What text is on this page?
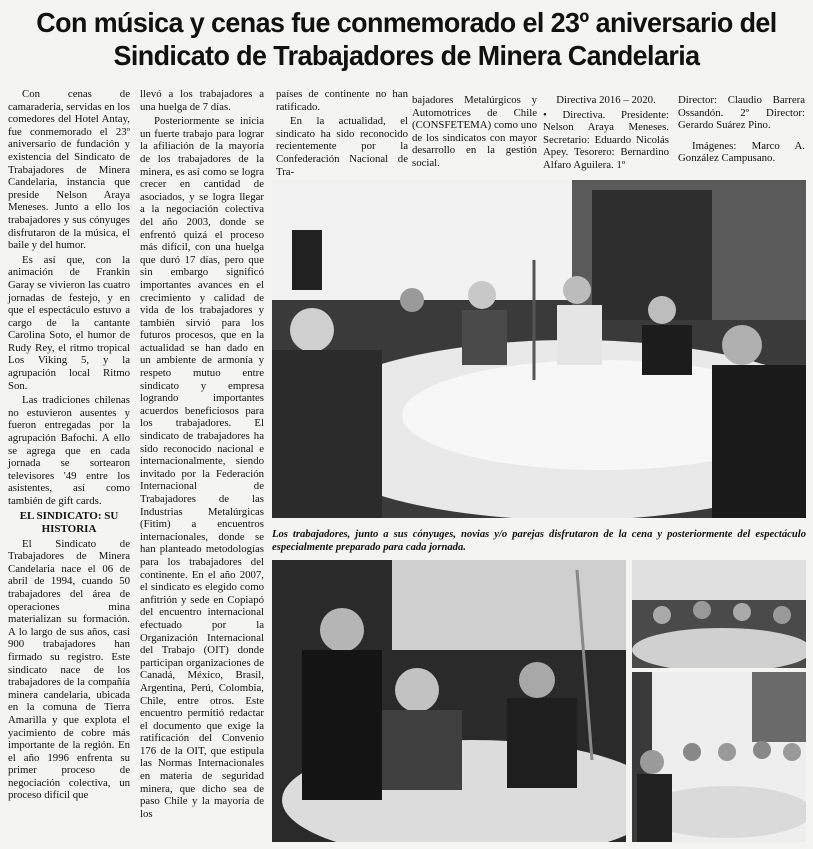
Con música y cenas fue conmemorado el 23º aniversario del
Sindicato de Trabajadores de Minera Candelaria

Con cenas de camaradería, servidas en los comedores del Hotel Antay, fue conmemorado el 23º aniversario de fundación y existencia del Sindicato de Trabajadores de Minera Candelaria, instancia que preside Nelson Araya Meneses. Junto a ello los trabajadores y sus cónyuges disfrutaron de la música, el baile y del humor.

Es así que, con la animación de Frankin Garay se vivieron las cuatro jornadas de festejo, y en que el espectáculo estuvo a cargo de la cantante Carolina Soto, el humor de Rudy Rey, el ritmo tropical Los Viking 5, y la agrupación local Ritmo Son.

Las tradiciones chilenas no estuvieron ausentes y fueron entregadas por la agrupación Bafochi. A ello se agrega que en cada jornada se sortearon televisores '49 entre los asistentes, así como también de gift cards.

EL SINDICATO: SU HISTORIA

El Sindicato de Trabajadores de Minera Candelaria nace el 06 de abril de 1994, cuando 50 trabajadores del área de operaciones mina materializan su formación. A lo largo de sus años, casi 900 trabajadores han firmado su registro. Este sindicato nace de los trabajadores de la compañía minera candelaria, ubicada en la comuna de Tierra Amarilla y que explota el yacimiento de cobre más importante de la región. En el año 1996 enfrenta su primer proceso de negociación colectiva, un proceso difícil que

llevó a los trabajadores a una huelga de 7 días.

Posteriormente se inicia un fuerte trabajo para lograr la afiliación de la mayoría de los trabajadores de la minera, es así como se logra crecer en cantidad de asociados, y se logra llegar a la negociación colectiva del año 2003, donde se enfrentó quizá el proceso más difícil, con una huelga que duró 17 días, pero que sin embargo significó importantes avances en el crecimiento y calidad de vida de los trabajadores y también sirvió para los futuros procesos, que en la actualidad se han dado en un ambiente de armonía y respeto mutuo entre sindicato y empresa logrando importantes acuerdos beneficiosos para los trabajadores. El sindicato de trabajadores ha sido reconocido nacional e internacionalmente, siendo invitado por la Federación Internacional de Trabajadores de las Industrias Metalúrgicas (Fitim) a encuentros internacionales, donde se han planteado metodologías para los trabajadores del continente. En el año 2007, el sindicato es elegido como anfitrión y sede en Copiapó del encuentro internacional efectuado por la Organización Internacional del Trabajo (OIT) donde participan organizaciones de Canadá, México, Brasil, Argentina, Perú, Colombia, Chile, entre otros. Este encuentro permitió redactar el documento que exige la ratificación del Convenio 176 de la OIT, que estipula las Normas Internacionales en materia de seguridad minera, que dicho sea de paso Chile y la mayoría de los

países de continente no han ratificado.

En la actualidad, el sindicato ha sido reconocido recientemente por la Confederación Nacional de Tra-

bajadores Metalúrgicos y Automotrices de Chile (CONSFETEMA) como uno de los sindicatos con mayor desarrollo en la gestión social.

Directiva 2016 – 2020.

• Directiva. Presidente: Nelson Araya Meneses. Secretario: Eduardo Nicolás Apey. Tesorero: Bernardino Alfaro Aguilera. 1º

Director: Claudio Barrera Ossandón. 2º Director: Gerardo Suárez Pino.

Imágenes: Marco A. González Campusano.

Los trabajadores, junto a sus cónyuges, novias y/o parejas disfrutaron de la cena y posteriormente del espectáculo especialmente preparado para cada jornada.
